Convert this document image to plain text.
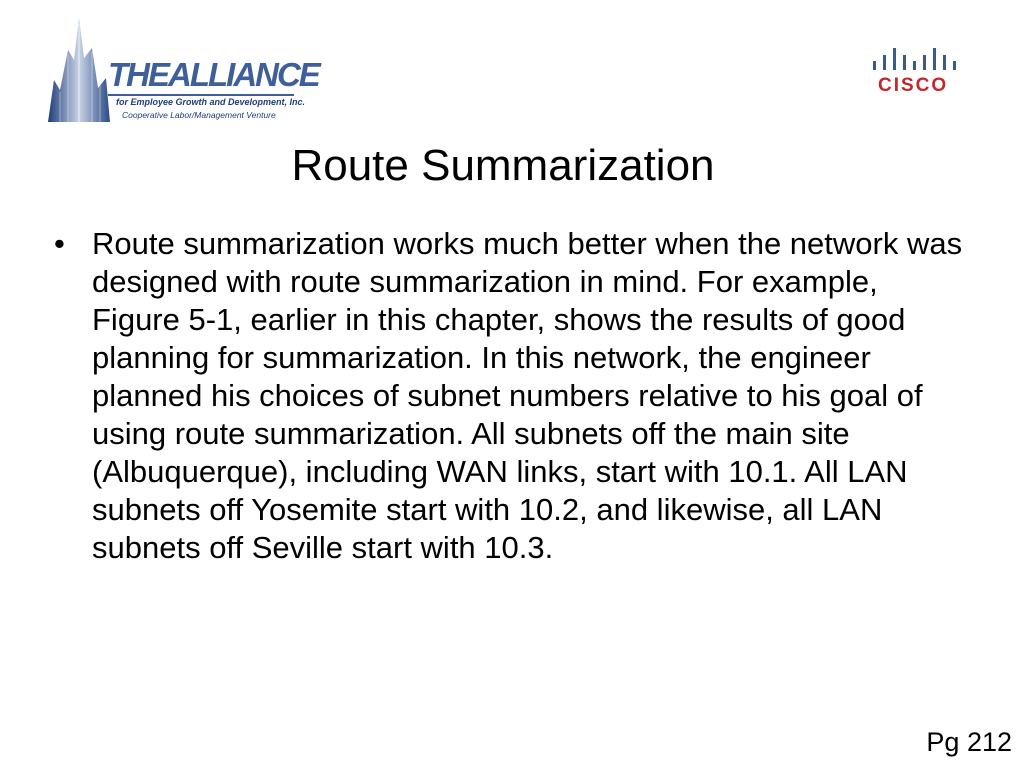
THEALLIANCE
for Employee Growth and Development, Inc.
Cooperative Labor/Management Venture
CISCO
Route Summarization
• Route summarization works much better when the network was designed with route summarization in mind. For example, Figure 5-1, earlier in this chapter, shows the results of good planning for summarization. In this network, the engineer planned his choices of subnet numbers relative to his goal of using route summarization. All subnets off the main site (Albuquerque), including WAN links, start with 10.1. All LAN subnets off Yosemite start with 10.2, and likewise, all LAN subnets off Seville start with 10.3.
Pg 212
